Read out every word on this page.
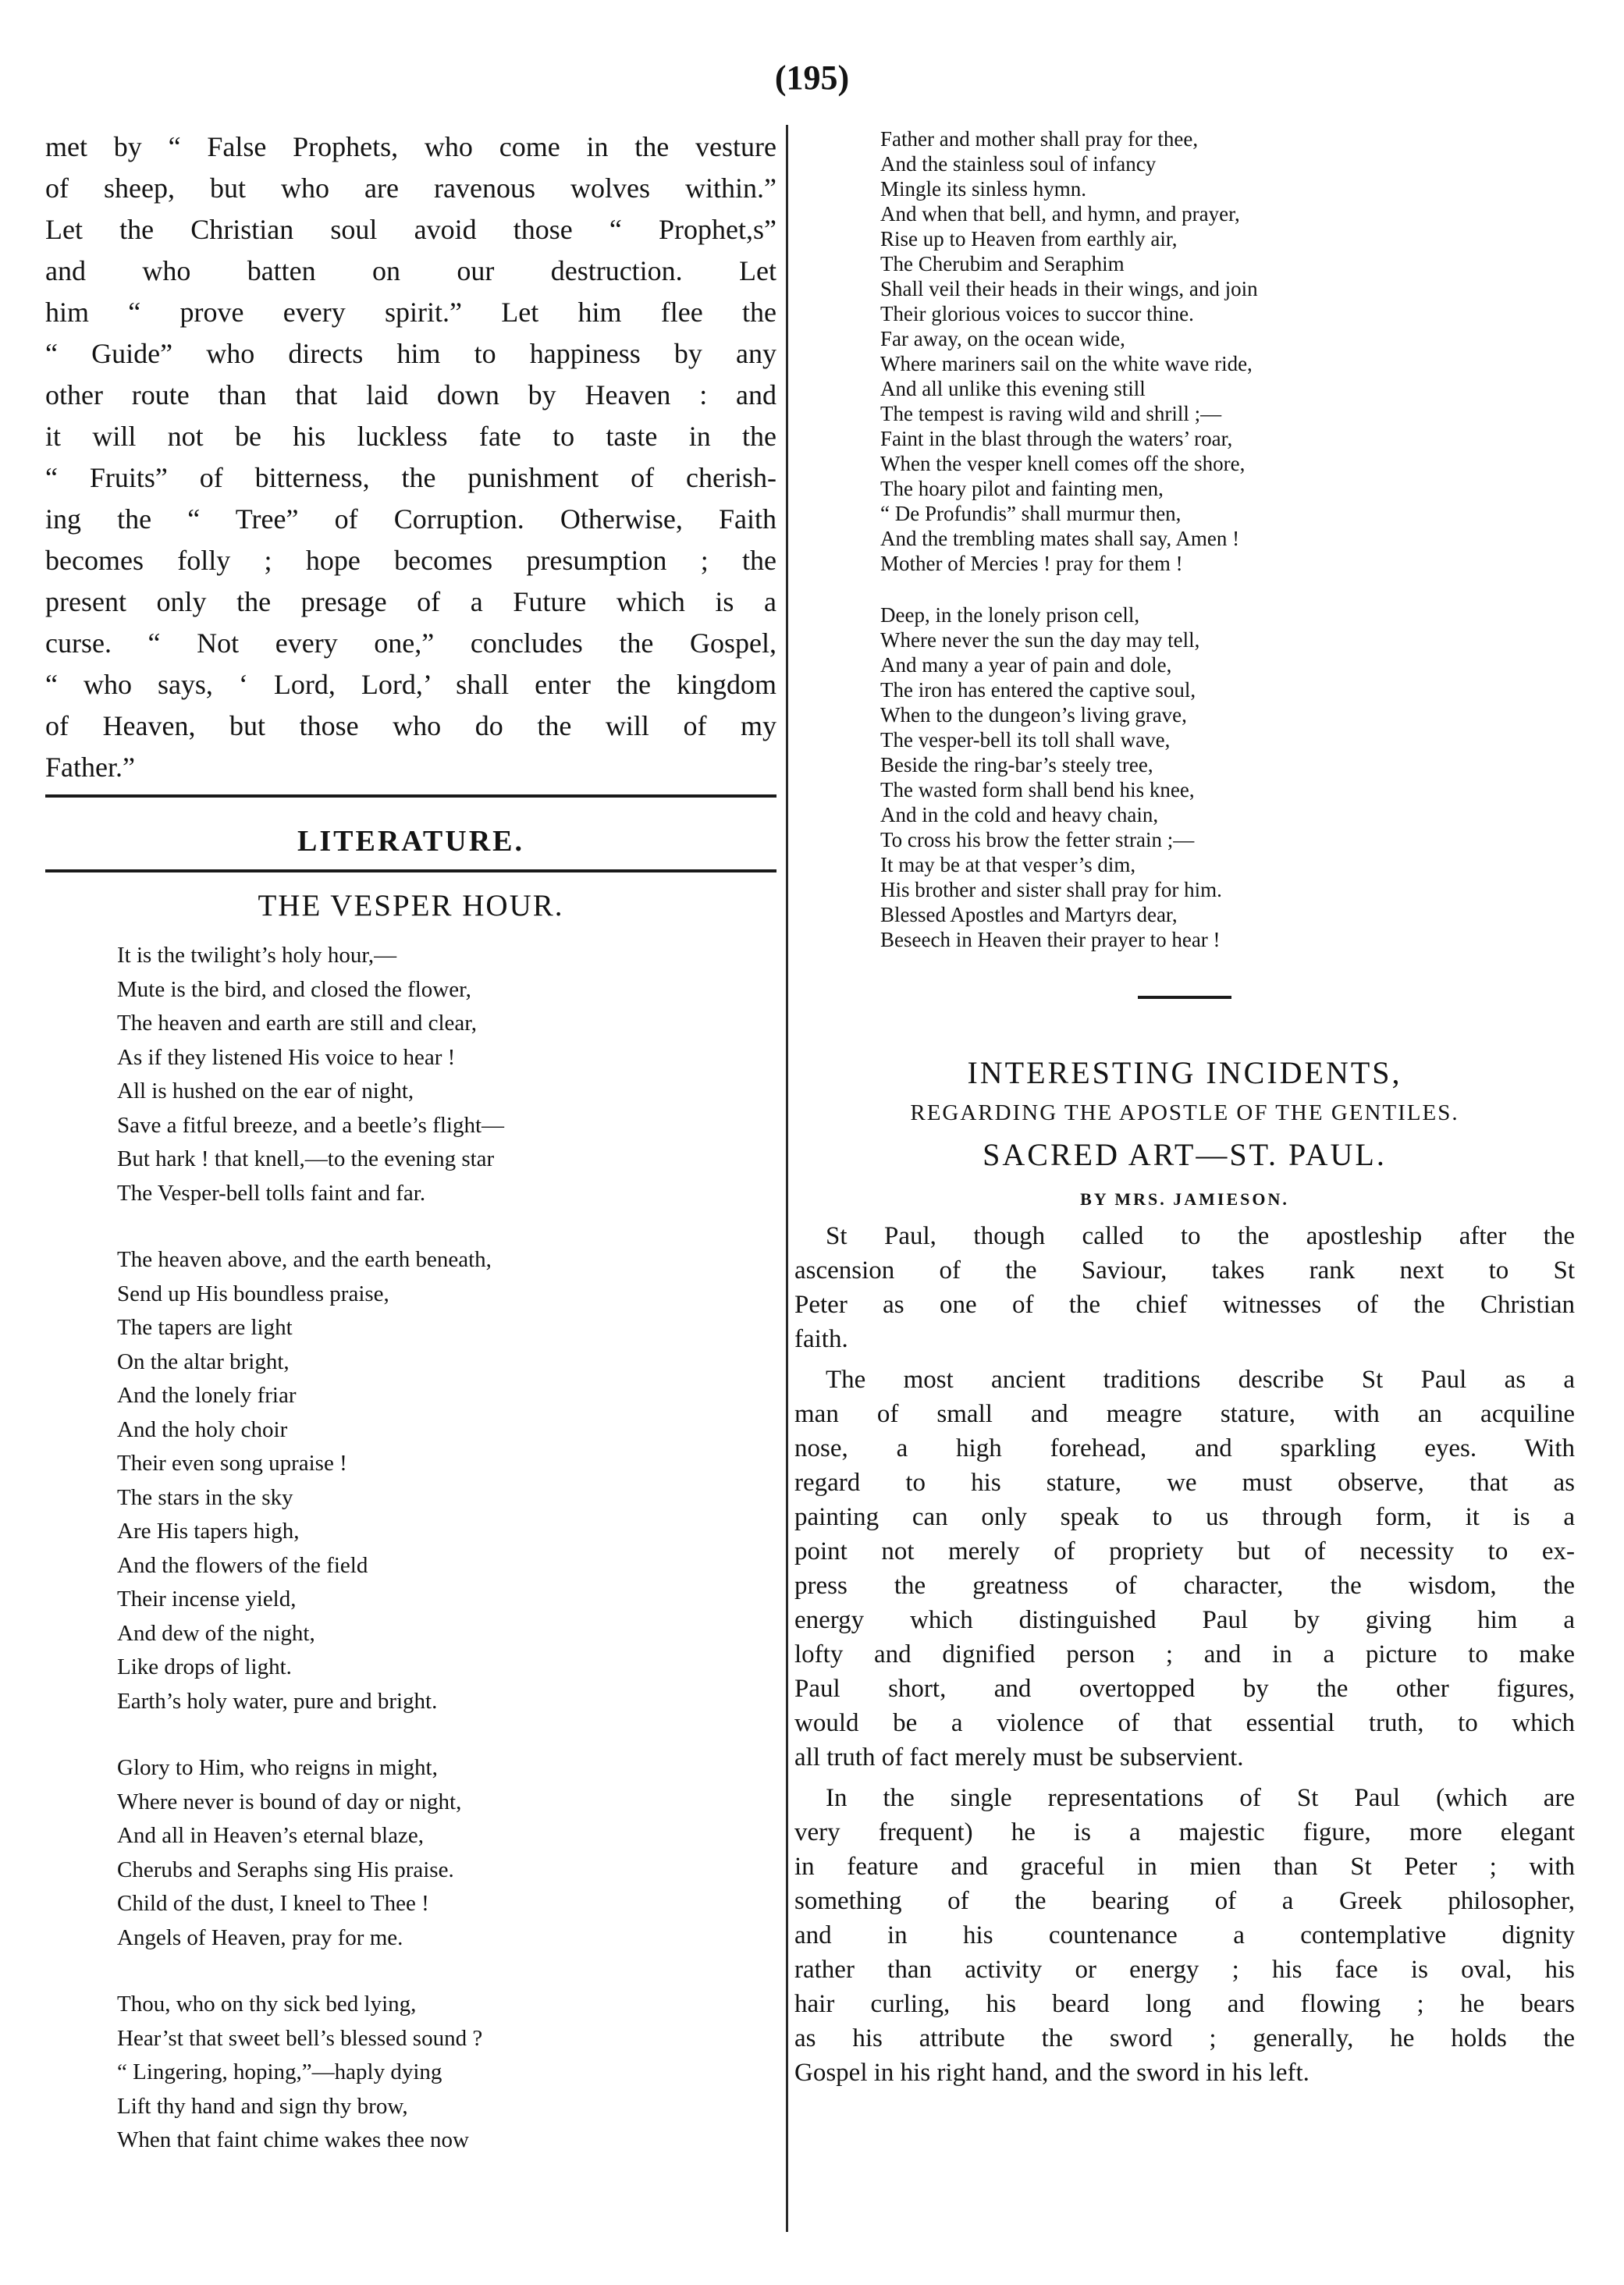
(195)
met by “ False Prophets, who come in the vesture
of sheep, but who are ravenous wolves within.”
Let the Christian soul avoid those “ Prophet,s”
and who batten on our destruction. Let
him “ prove every spirit.” Let him flee the
“ Guide” who directs him to happiness by any
other route than that laid down by Heaven : and
it will not be his luckless fate to taste in the
“ Fruits” of bitterness, the punishment of cherish-
ing the “ Tree” of Corruption. Otherwise, Faith
becomes folly ; hope becomes presumption ; the
present only the presage of a Future which is a
curse. “ Not every one,” concludes the Gospel,
“ who says, ‘ Lord, Lord,’ shall enter the kingdom
of Heaven, but those who do the will of my
Father.”
LITERATURE.
THE VESPER HOUR.
It is the twilight’s holy hour,—
Mute is the bird, and closed the flower,
The heaven and earth are still and clear,
As if they listened His voice to hear !
All is hushed on the ear of night,
Save a fitful breeze, and a beetle’s flight—
But hark ! that knell,—to the evening star
The Vesper-bell tolls faint and far.
The heaven above, and the earth beneath,
Send up His boundless praise,
The tapers are light
On the altar bright,
And the lonely friar
And the holy choir
Their even song upraise !
The stars in the sky
Are His tapers high,
And the flowers of the field
Their incense yield,
And dew of the night,
Like drops of light.
Earth’s holy water, pure and bright.
Glory to Him, who reigns in might,
Where never is bound of day or night,
And all in Heaven’s eternal blaze,
Cherubs and Seraphs sing His praise.
Child of the dust, I kneel to Thee !
Angels of Heaven, pray for me.
Thou, who on thy sick bed lying,
Hear’st that sweet bell’s blessed sound ?
“ Lingering, hoping,”—haply dying
Lift thy hand and sign thy brow,
When that faint chime wakes thee now
Father and mother shall pray for thee,
And the stainless soul of infancy
Mingle its sinless hymn.
And when that bell, and hymn, and prayer,
Rise up to Heaven from earthly air,
The Cherubim and Seraphim
Shall veil their heads in their wings, and join
Their glorious voices to succor thine.
Far away, on the ocean wide,
Where mariners sail on the white wave ride,
And all unlike this evening still
The tempest is raving wild and shrill ;—
Faint in the blast through the waters’ roar,
When the vesper knell comes off the shore,
The hoary pilot and fainting men,
“ De Profundis” shall murmur then,
And the trembling mates shall say, Amen !
Mother of Mercies ! pray for them !
Deep, in the lonely prison cell,
Where never the sun the day may tell,
And many a year of pain and dole,
The iron has entered the captive soul,
When to the dungeon’s living grave,
The vesper-bell its toll shall wave,
Beside the ring-bar’s steely tree,
The wasted form shall bend his knee,
And in the cold and heavy chain,
To cross his brow the fetter strain ;—
It may be at that vesper’s dim,
His brother and sister shall pray for him.
Blessed Apostles and Martyrs dear,
Beseech in Heaven their prayer to hear !
INTERESTING INCIDENTS,
REGARDING THE APOSTLE OF THE GENTILES.
SACRED ART—ST. PAUL.
BY MRS. JAMIESON.
St Paul, though called to the apostleship after the
ascension of the Saviour, takes rank next to St
Peter as one of the chief witnesses of the Christian
faith.
The most ancient traditions describe St Paul as a
man of small and meagre stature, with an acquiline
nose, a high forehead, and sparkling eyes. With
regard to his stature, we must observe, that as
painting can only speak to us through form, it is a
point not merely of propriety but of necessity to ex-
press the greatness of character, the wisdom, the
energy which distinguished Paul by giving him a
lofty and dignified person ; and in a picture to make
Paul short, and overtopped by the other figures,
would be a violence of that essential truth, to which
all truth of fact merely must be subservient.
In the single representations of St Paul (which are
very frequent) he is a majestic figure, more elegant
in feature and graceful in mien than St Peter ; with
something of the bearing of a Greek philosopher,
and in his countenance a contemplative dignity
rather than activity or energy ; his face is oval, his
hair curling, his beard long and flowing ; he bears
as his attribute the sword ; generally, he holds the
Gospel in his right hand, and the sword in his left.
